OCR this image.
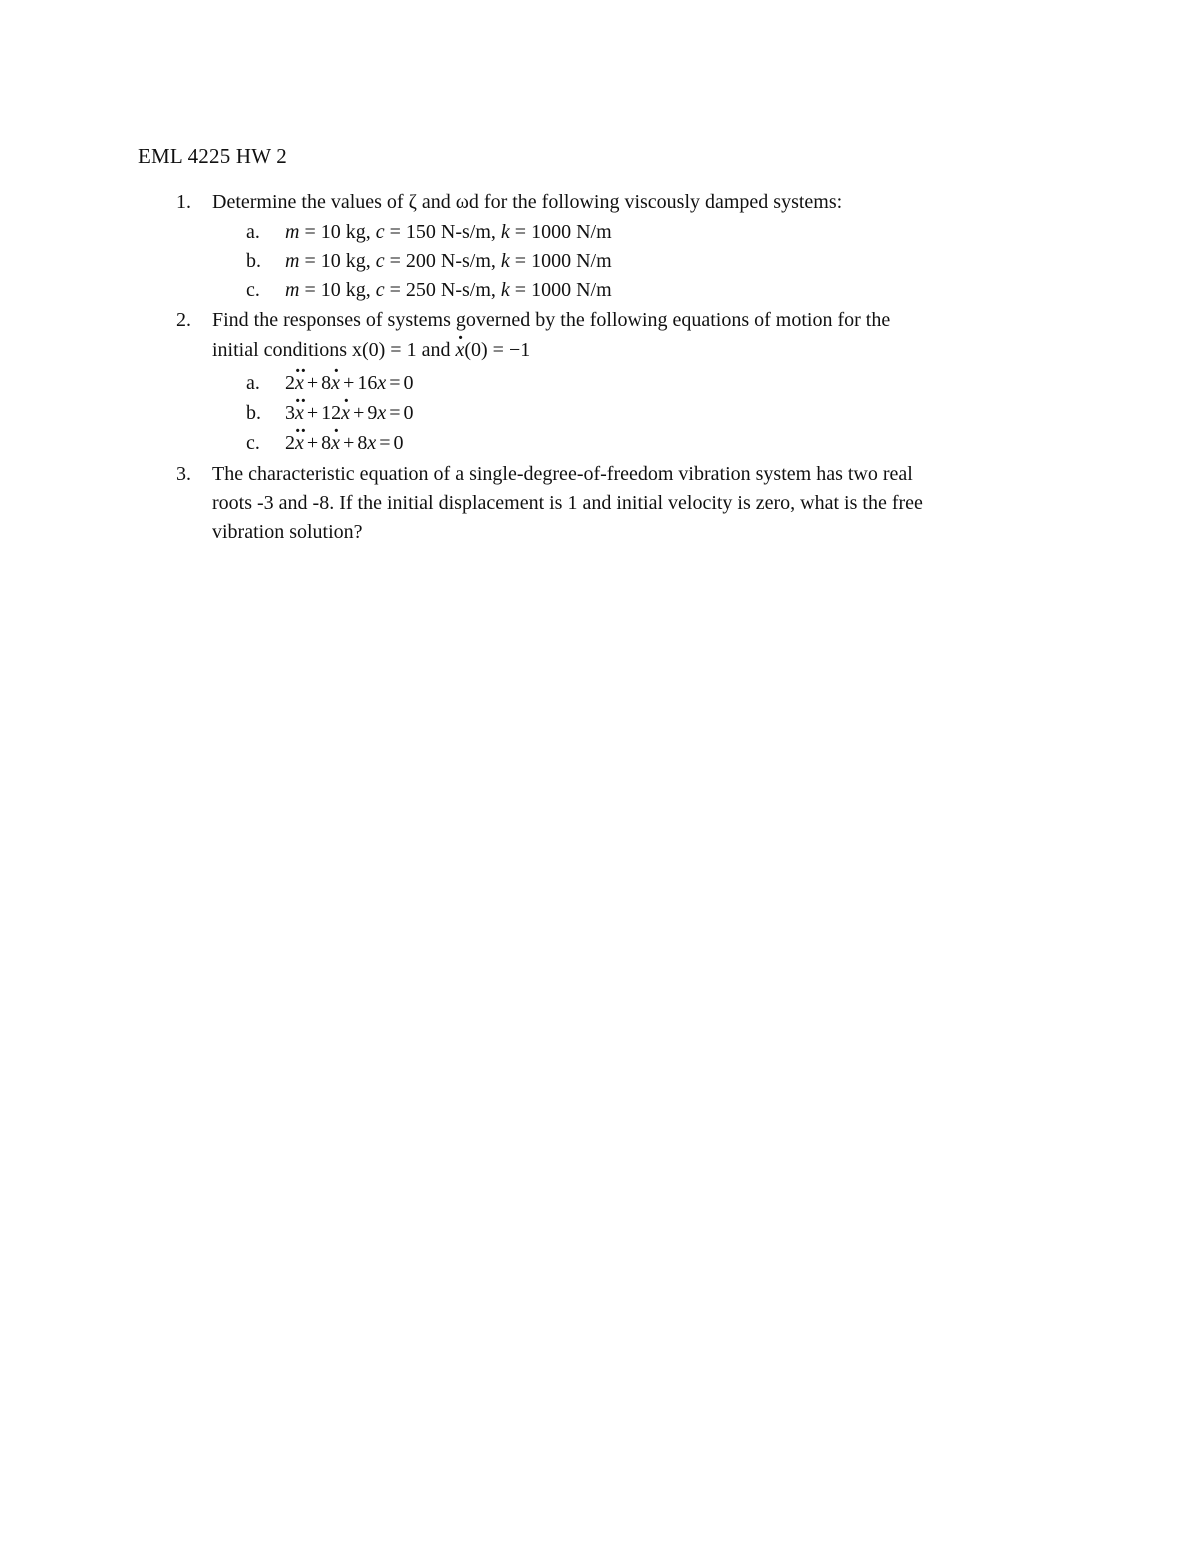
EML 4225 HW 2
1. Determine the values of ζ and ωd for the following viscously damped systems:
a. m = 10 kg, c = 150 N-s/m, k = 1000 N/m
b. m = 10 kg, c = 200 N-s/m, k = 1000 N/m
c. m = 10 kg, c = 250 N-s/m, k = 1000 N/m
2. Find the responses of systems governed by the following equations of motion for the
initial conditions x(0) = 1 and · x(0) = −1
a. 2·· x + 8· x + 16x = 0
b. 3·· x + 12· x + 9x = 0
c. 2·· x + 8· x + 8x = 0
3. The characteristic equation of a single-degree-of-freedom vibration system has two real
roots -3 and -8. If the initial displacement is 1 and initial velocity is zero, what is the free
vibration solution?
